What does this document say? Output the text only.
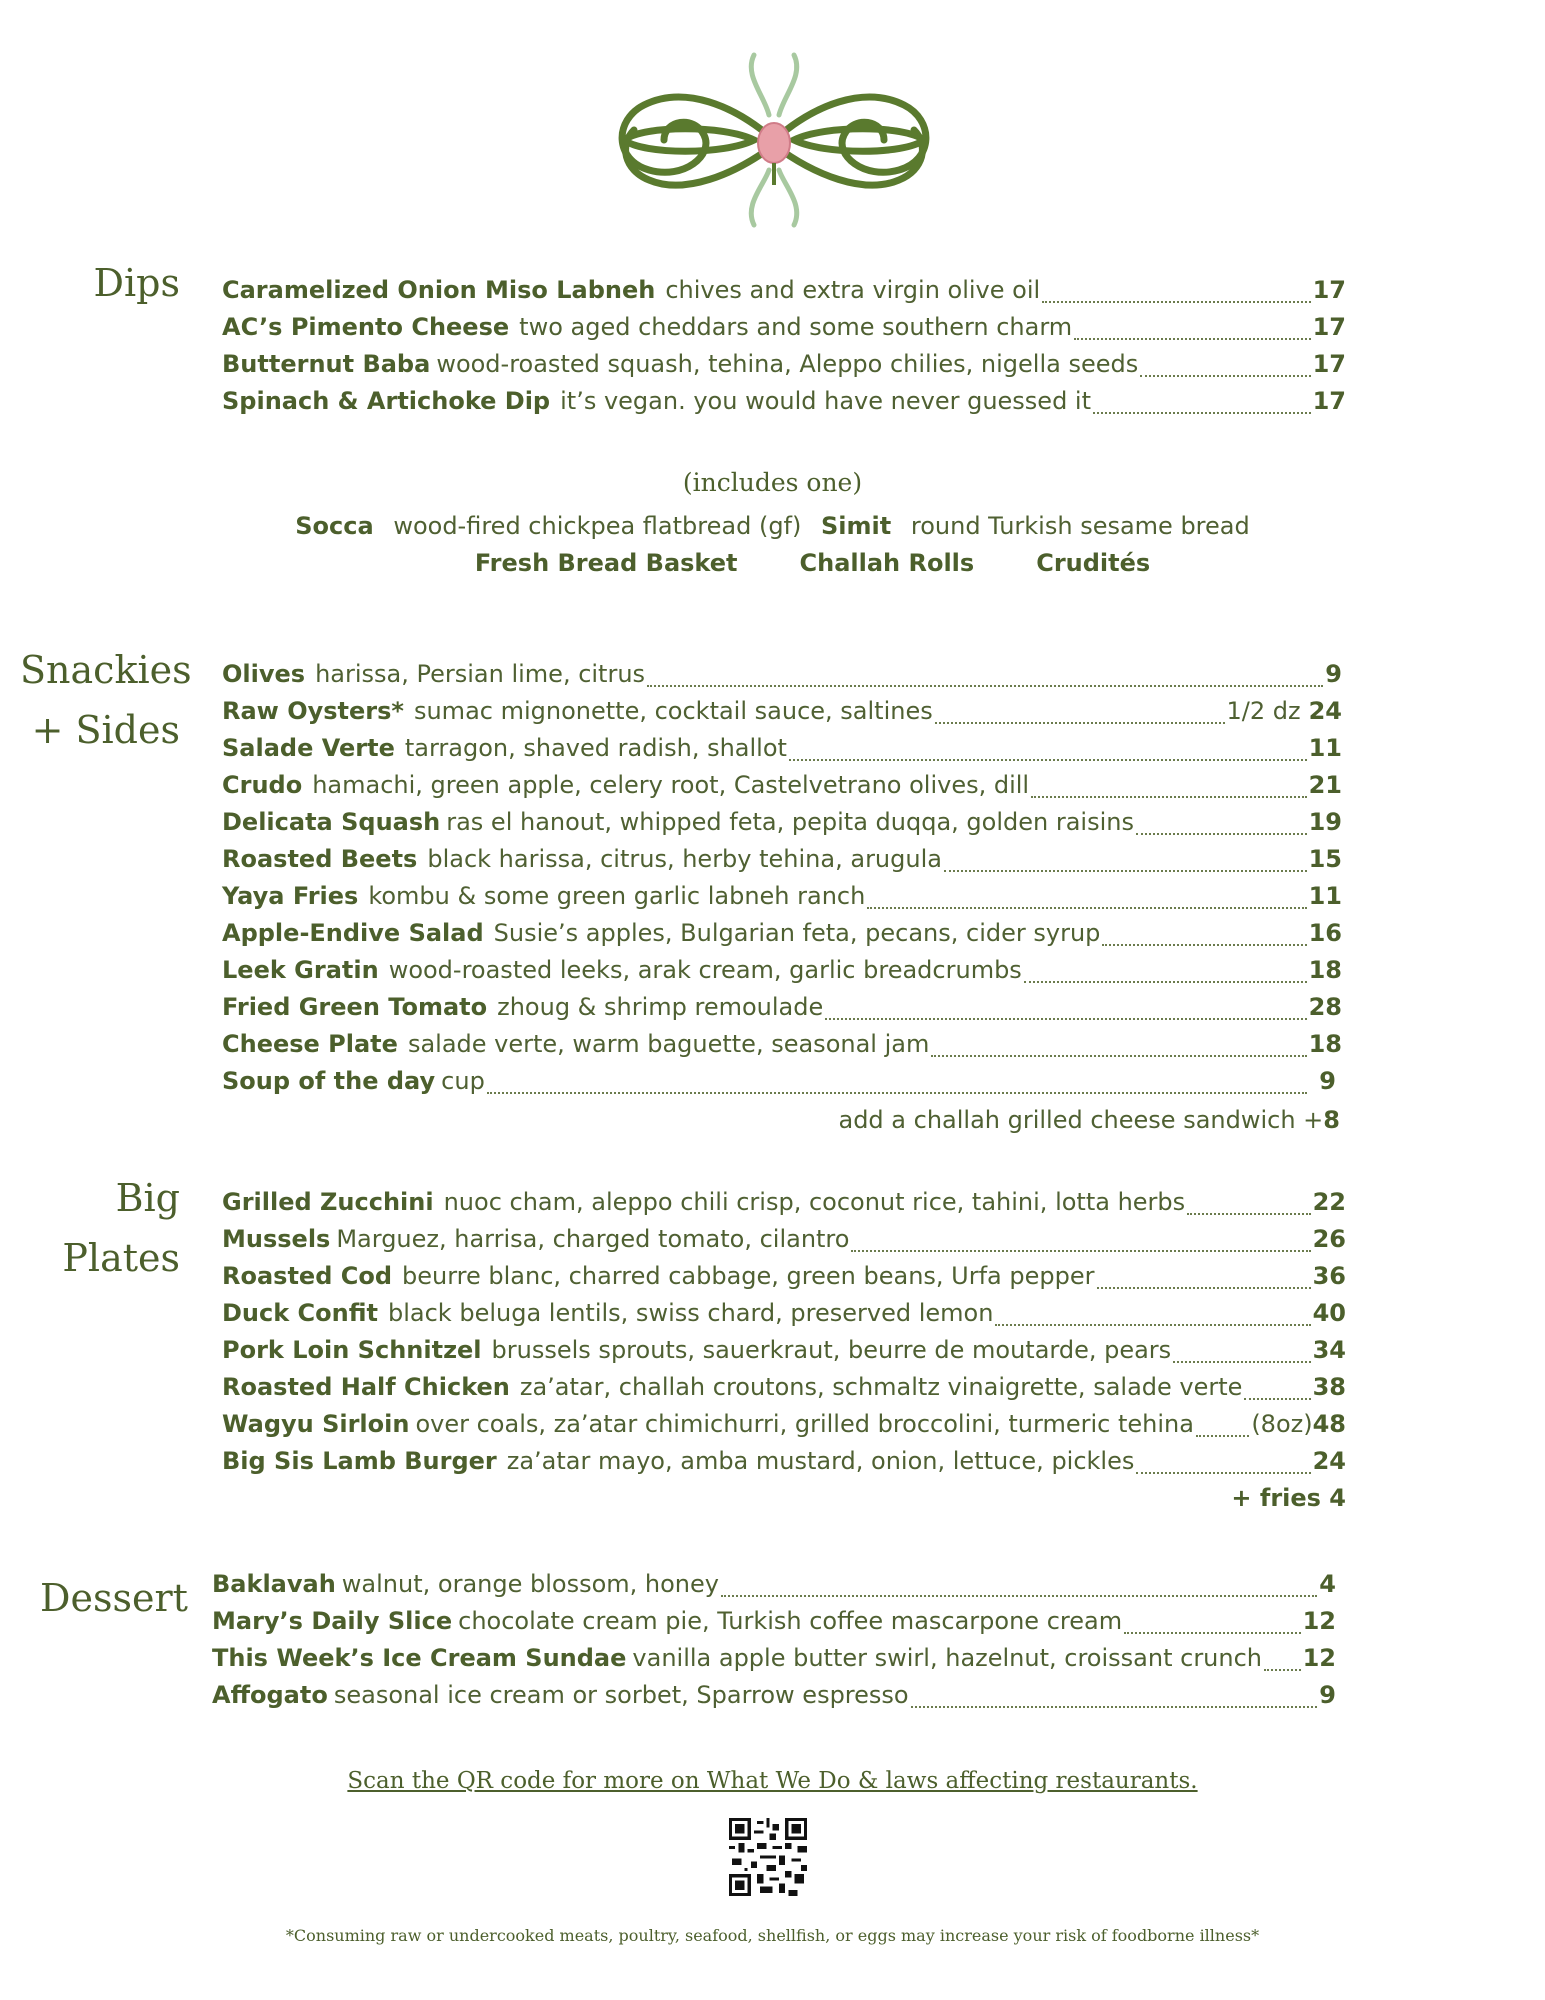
Dips Caramelized Onion Miso Labneh chives and extra virgin olive oil	17
AC’s Pimento Cheese two aged cheddars and some southern charm	17
Butternut Baba wood-roasted squash, tehina, Aleppo chilies, nigella seeds	17
Spinach & Artichoke Dip it’s vegan. you would have never guessed it	17
(includes one)
Socca wood-fired chickpea flatbread (gf) Simit round Turkish sesame bread
Fresh Bread Basket	Challah Rolls	Crudités
Snackies
+ Sides
Olives harissa, Persian lime, citrus	9
Raw Oysters* sumac mignonette, cocktail sauce, saltines	1/2 dz 24
Salade Verte tarragon, shaved radish, shallot	11
Crudo hamachi, green apple, celery root, Castelvetrano olives, dill	21
Delicata Squash ras el hanout, whipped feta, pepita duqqa, golden raisins	19
Roasted Beets black harissa, citrus, herby tehina, arugula	15
Yaya Fries kombu & some green garlic labneh ranch	11
Apple-Endive Salad Susie’s apples, Bulgarian feta, pecans, cider syrup	16
Leek Gratin wood-roasted leeks, arak cream, garlic breadcrumbs	18
Fried Green Tomato zhoug & shrimp remoulade	28
Cheese Plate salade verte, warm baguette, seasonal jam	18
Soup of the day cup	9
add a challah grilled cheese sandwich +8
Big
Plates
Grilled Zucchini nuoc cham, aleppo chili crisp, coconut rice, tahini, lotta herbs	22
Mussels Marguez, harrisa, charged tomato, cilantro	26
Roasted Cod beurre blanc, charred cabbage, green beans, Urfa pepper	36
Duck Confit black beluga lentils, swiss chard, preserved lemon	40
Pork Loin Schnitzel brussels sprouts, sauerkraut, beurre de moutarde, pears	34
Roasted Half Chicken za’atar, challah croutons, schmaltz vinaigrette, salade verte	38
Wagyu Sirloin over coals, za’atar chimichurri, grilled broccolini, turmeric tehina (8oz) 48
Big Sis Lamb Burger za’atar mayo, amba mustard, onion, lettuce, pickles	24
+ fries 4
Dessert Baklavah walnut, orange blossom, honey	4
Mary’s Daily Slice chocolate cream pie, Turkish coffee mascarpone cream	12
This Week’s Ice Cream Sundae vanilla apple butter swirl, hazelnut, croissant crunch 12
Affogato seasonal ice cream or sorbet, Sparrow espresso	9
Scan the QR code for more on What We Do & laws affecting restaurants.
*Consuming raw or undercooked meats, poultry, seafood, shellfish, or eggs may increase your risk of foodborne illness*
